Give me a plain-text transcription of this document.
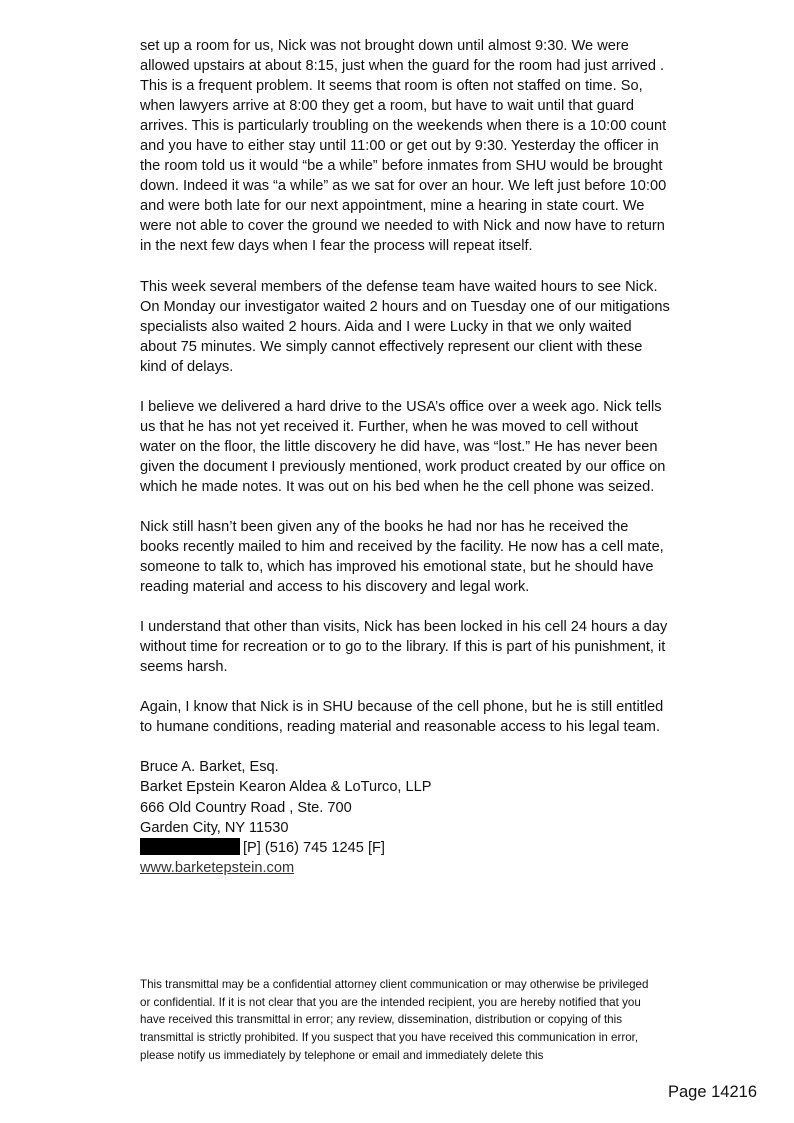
set up a room for us, Nick was not brought down until almost 9:30. We were allowed upstairs at about 8:15, just when the guard for the room had just arrived . This is a frequent problem. It seems that room is often not staffed on time. So, when lawyers arrive at 8:00 they get a room, but have to wait until that guard arrives. This is particularly troubling on the weekends when there is a 10:00 count and you have to either stay until 11:00 or get out by 9:30. Yesterday the officer in the room told us it would “be a while” before inmates from SHU would be brought down. Indeed it was “a while” as we sat for over an hour. We left just before 10:00 and were both late for our next appointment, mine a hearing in state court. We were not able to cover the ground we needed to with Nick and now have to return in the next few days when I fear the process will repeat itself.

This week several members of the defense team have waited hours to see Nick. On Monday our investigator waited 2 hours and on Tuesday one of our mitigations specialists also waited 2 hours. Aida and I were Lucky in that we only waited about 75 minutes. We simply cannot effectively represent our client with these kind of delays.

I believe we delivered a hard drive to the USA’s office over a week ago. Nick tells us that he has not yet received it. Further, when he was moved to cell without water on the floor, the little discovery he did have, was “lost.” He has never been given the document I previously mentioned, work product created by our office on which he made notes. It was out on his bed when he the cell phone was seized.

Nick still hasn’t been given any of the books he had nor has he received the books recently mailed to him and received by the facility. He now has a cell mate, someone to talk to, which has improved his emotional state, but he should have reading material and access to his discovery and legal work.

I understand that other than visits, Nick has been locked in his cell 24 hours a day without time for recreation or to go to the library. If this is part of his punishment, it seems harsh.

Again, I know that Nick is in SHU because of the cell phone, but he is still entitled to humane conditions, reading material and reasonable access to his legal team.

Bruce A. Barket, Esq.
Barket Epstein Kearon Aldea & LoTurco, LLP
666 Old Country Road , Ste. 700
Garden City, NY 11530
[P] (516) 745 1245 [F]
www.barketepstein.com
This transmittal may be a confidential attorney client communication or may otherwise be privileged or confidential. If it is not clear that you are the intended recipient, you are hereby notified that you have received this transmittal in error; any review, dissemination, distribution or copying of this transmittal is strictly prohibited. If you suspect that you have received this communication in error, please notify us immediately by telephone or email and immediately delete this
Page 14216
